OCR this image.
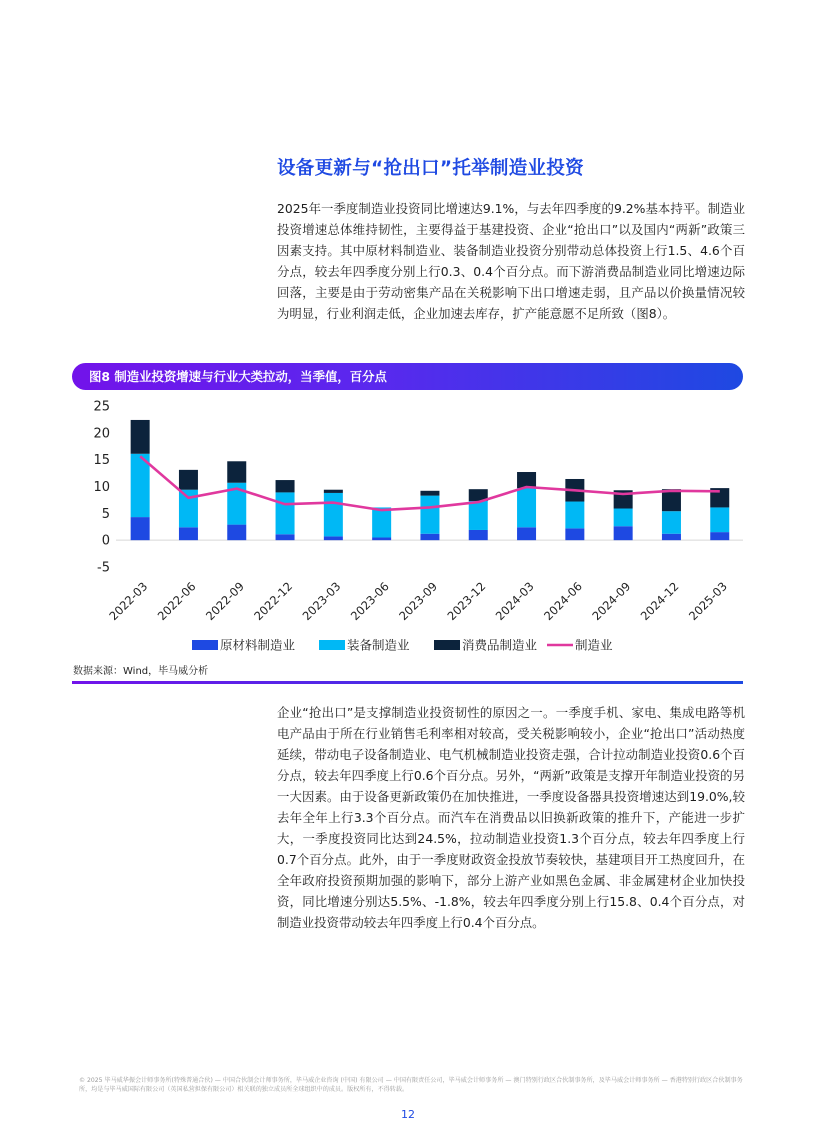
设备更新与“抢出口”托举制造业投资

2025年一季度制造业投资同比增速达9.1%，与去年四季度的9.2%基本持平。制造业投资增速总体维持韧性，主要得益于基建投资、企业“抢出口”以及国内“两新”政策三因素支持。其中原材料制造业、装备制造业投资分别带动总体投资上行1.5、4.6个百分点，较去年四季度分别上行0.3、0.4个百分点。而下游消费品制造业同比增速边际回落，主要是由于劳动密集产品在关税影响下出口增速走弱，且产品以价换量情况较为明显，行业利润走低，企业加速去库存，扩产能意愿不足所致（图8）。

图8 制造业投资增速与行业大类拉动，当季值，百分点
-5
0
5
10
15
20
25
2022-03 2022-06 2022-09 2022-12 2023-03 2023-06 2023-09 2023-12 2024-03 2024-06 2024-09 2024-12 2025-03
原材料制造业	装备制造业	消费品制造业	制造业
数据来源：Wind，毕马威分析

企业“抢出口”是支撑制造业投资韧性的原因之一。一季度手机、家电、集成电路等机电产品由于所在行业销售毛利率相对较高，受关税影响较小，企业“抢出口”活动热度延续，带动电子设备制造业、电气机械制造业投资走强，合计拉动制造业投资0.6个百分点，较去年四季度上行0.6个百分点。另外，“两新”政策是支撑开年制造业投资的另一大因素。由于设备更新政策仍在加快推进，一季度设备器具投资增速达到19.0%,较去年全年上行3.3个百分点。而汽车在消费品以旧换新政策的推升下，产能进一步扩大，一季度投资同比达到24.5%，拉动制造业投资1.3个百分点，较去年四季度上行0.7个百分点。此外，由于一季度财政资金投放节奏较快，基建项目开工热度回升，在全年政府投资预期加强的影响下，部分上游产业如黑色金属、非金属建材企业加快投资，同比增速分别达5.5%、-1.8%，较去年四季度分别上行15.8、0.4个百分点，对制造业投资带动较去年四季度上行0.4个百分点。

© 2025 毕马威华振会计师事务所(特殊普通合伙) — 中国合伙制会计师事务所，毕马威企业咨询 (中国) 有限公司 — 中国有限责任公司，毕马威会计师事务所 — 澳门特别行政区合伙制事务所，及毕马威会计师事务所 — 香港特别行政区合伙制事务所，均是与毕马威国际有限公司（英国私营担保有限公司）相关联的独立成员所全球组织中的成员。版权所有，不得转载。
12
